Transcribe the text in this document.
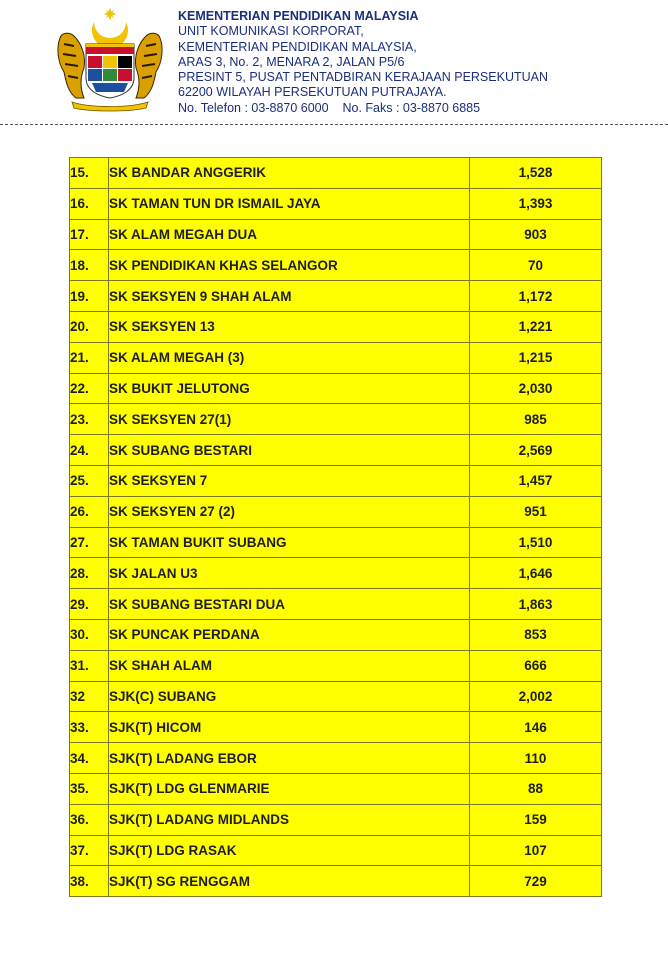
KEMENTERIAN PENDIDIKAN MALAYSIA
UNIT KOMUNIKASI KORPORAT,
KEMENTERIAN PENDIDIKAN MALAYSIA,
ARAS 3, No. 2, MENARA 2, JALAN P5/6
PRESINT 5, PUSAT PENTADBIRAN KERAJAAN PERSEKUTUAN
62200 WILAYAH PERSEKUTUAN PUTRAJAYA.
No. Telefon : 03-8870 6000 No. Faks : 03-8870 6885
15.	SK BANDAR ANGGERIK	1,528
16.	SK TAMAN TUN DR ISMAIL JAYA	1,393
17.	SK ALAM MEGAH DUA	903
18.	SK PENDIDIKAN KHAS SELANGOR	70
19.	SK SEKSYEN 9 SHAH ALAM	1,172
20.	SK SEKSYEN 13	1,221
21.	SK ALAM MEGAH (3)	1,215
22.	SK BUKIT JELUTONG	2,030
23.	SK SEKSYEN 27(1)	985
24.	SK SUBANG BESTARI	2,569
25.	SK SEKSYEN 7	1,457
26.	SK SEKSYEN 27 (2)	951
27.	SK TAMAN BUKIT SUBANG	1,510
28.	SK JALAN U3	1,646
29.	SK SUBANG BESTARI DUA	1,863
30.	SK PUNCAK PERDANA	853
31.	SK SHAH ALAM	666
32	SJK(C) SUBANG	2,002
33.	SJK(T) HICOM	146
34.	SJK(T) LADANG EBOR	110
35.	SJK(T) LDG GLENMARIE	88
36.	SJK(T) LADANG MIDLANDS	159
37.	SJK(T) LDG RASAK	107
38.	SJK(T) SG RENGGAM	729
